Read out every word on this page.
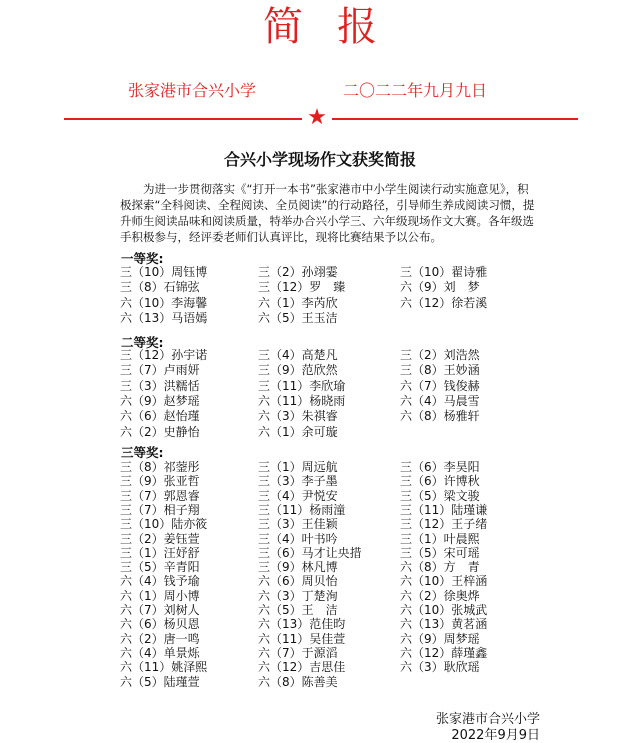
简报
张家港市合兴小学	二〇二二年九月九日
★
合兴小学现场作文获奖简报
为进一步贯彻落实《“打开一本书”张家港市中小学生阅读行动实施意见》，积极探索“全科阅读、全程阅读、全员阅读”的行动路径，引导师生养成阅读习惯，提升师生阅读品味和阅读质量，特举办合兴小学三、六年级现场作文大赛。各年级选手积极参与，经评委老师们认真评比，现将比赛结果予以公布。
一等奖:
三（10）周钰博	三（2）孙翊霎	三（10）翟诗雅
三（8）石锦弦	三（12）罗　臻	六（9）刘　梦
六（10）李海馨	六（1）李芮欣	六（12）徐若溪
六（13）马语嫣	六（5）王玉洁
二等奖:
三（12）孙宇诺	三（4）高楚凡	三（2）刘浩然
三（7）卢雨妍	三（9）范欣然	三（8）王妙涵
三（3）洪糯恬	三（11）李欣瑜	六（7）钱俊赫
六（9）赵梦瑶	六（11）杨晓雨	六（4）马晨雪
六（6）赵怡瑾	六（3）朱祺睿	六（8）杨雅轩
六（2）史静怡	六（1）余可璇
三等奖:
三（8）祁蓥彤	三（1）周远航	三（6）李昊阳
三（9）张亚哲	三（3）李子墨	三（6）许博秋
三（7）郭恩睿	三（4）尹悦安	三（5）梁文骏
三（7）相子翔	三（11）杨雨潼	三（11）陆瑾谦
三（10）陆亦筱	三（3）王佳颖	三（12）王子绪
三（2）姜钰萱	三（4）叶书吟	三（1）叶晨熙
三（1）汪妤舒	三（6）马才让央措	三（5）宋可瑶
三（5）辛青阳	三（9）林凡博	六（8）方　青
六（4）钱予瑜	六（6）周贝怡	六（10）王梓涵
六（1）周小博	六（3）丁楚洵	六（2）徐奥烨
六（7）刘树人	六（5）王　洁	六（10）张城武
六（6）杨贝恩	六（13）范佳昀	六（13）黄茗涵
六（2）唐一鸣	六（11）吴佳萱	六（9）周梦瑶
六（4）单景烁	六（7）于源滔	六（12）薛瑾鑫
六（11）姚泽熙	六（12）吉思佳	六（3）耿欣瑶
六（5）陆瑾萱	六（8）陈善美
张家港市合兴小学
2022年9月9日
